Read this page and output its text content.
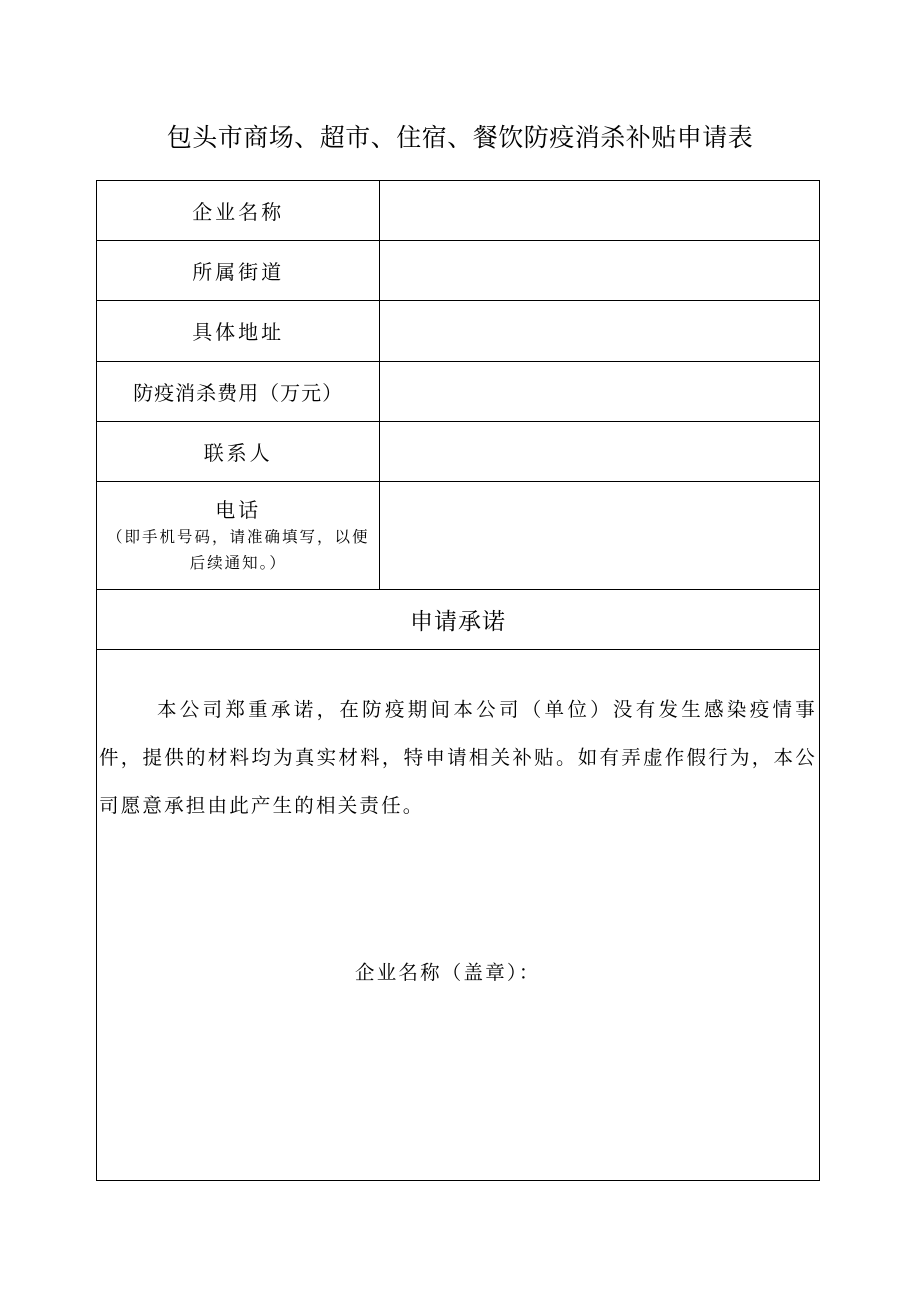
包头市商场、超市、住宿、餐饮防疫消杀补贴申请表
企业名称	
所属街道	
具体地址	
防疫消杀费用（万元）	
联系人	

电话
（即手机号码，请准确填写，以便后续通知。）	

申请承诺	

本公司郑重承诺，在防疫期间本公司（单位）没有发生感染疫情事件，提供的材料均为真实材料，特申请相关补贴。如有弄虚作假行为，本公司愿意承担由此产生的相关责任。

企业名称（盖章）：	
